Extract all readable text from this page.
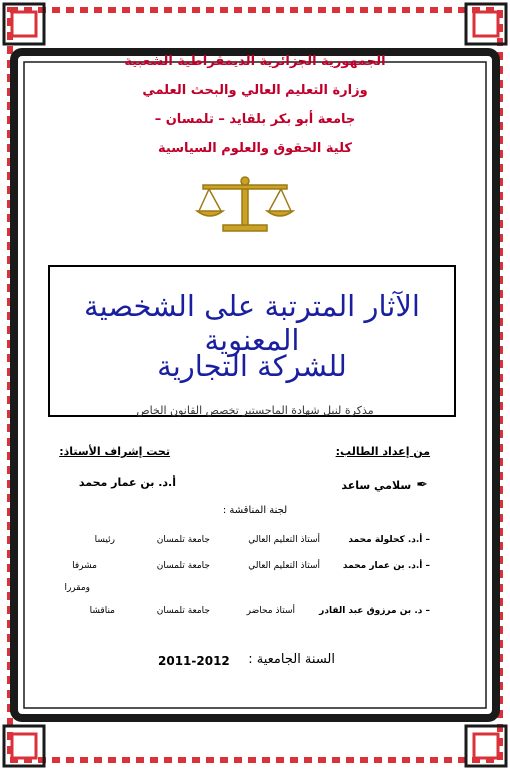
الجمهورية الجزائرية الديمقراطية الشعبية
وزارة التعليم العالي والبحث العلمي
جامعة أبو بكر بلقايد – تلمسان –
كلية الحقوق والعلوم السياسية
الآثار المترتبة على الشخصية المعنوية
للشركة التجارية
مذكرة لنيل شهادة الماجستير تخصص القانون الخاص
من إعداد الطالب:
تحت إشراف الأستاذ:
✒ سلامي ساعد
أ.د. بن عمار محمد
لجنة المناقشة :
– أ.د. كحلولة محمد
أستاذ التعليم العالي
جامعة تلمسان
رئيسا
– أ.د. بن عمار محمد
أستاذ التعليم العالي
جامعة تلمسان
مشرفا
ومقررا
– د. بن مرزوق عبد القادر
أستاذ محاضر
جامعة تلمسان
مناقشا
السنة الجامعية :
2011-2012
